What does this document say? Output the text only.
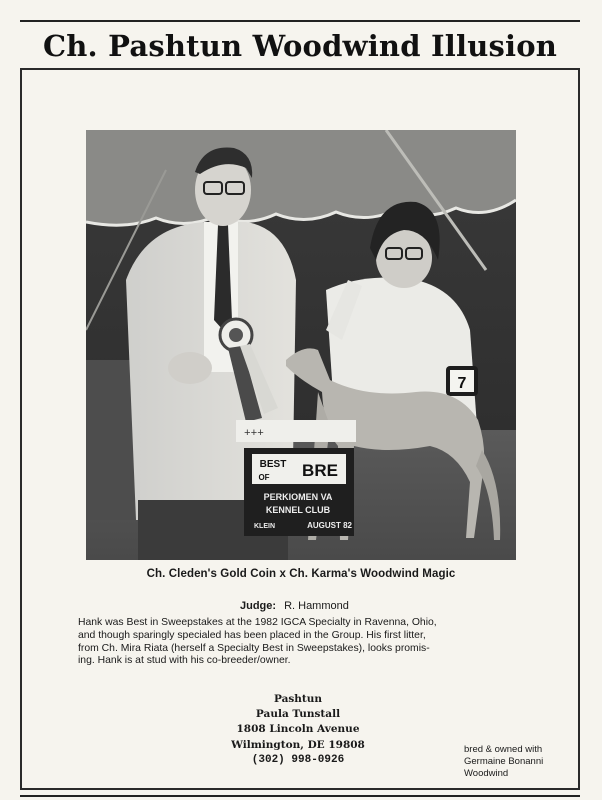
Ch. Pashtun Woodwind Illusion
7
+++
BEST
OF BRE
PERKIOMEN VA
KENNEL CLUB
KLEIN	AUGUST 82
Ch. Cleden's Gold Coin x Ch. Karma's Woodwind Magic
Judge: R. Hammond
Hank was Best in Sweepstakes at the 1982 IGCA Specialty in Ravenna, Ohio,
and though sparingly specialed has been placed in the Group. His first litter,
from Ch. Mira Riata (herself a Specialty Best in Sweepstakes), looks promis-
ing. Hank is at stud with his co-breeder/owner.
Pashtun
Paula Tunstall
1808 Lincoln Avenue
Wilmington, DE 19808
(302) 998-0926
bred & owned with
Germaine Bonanni
Woodwind
